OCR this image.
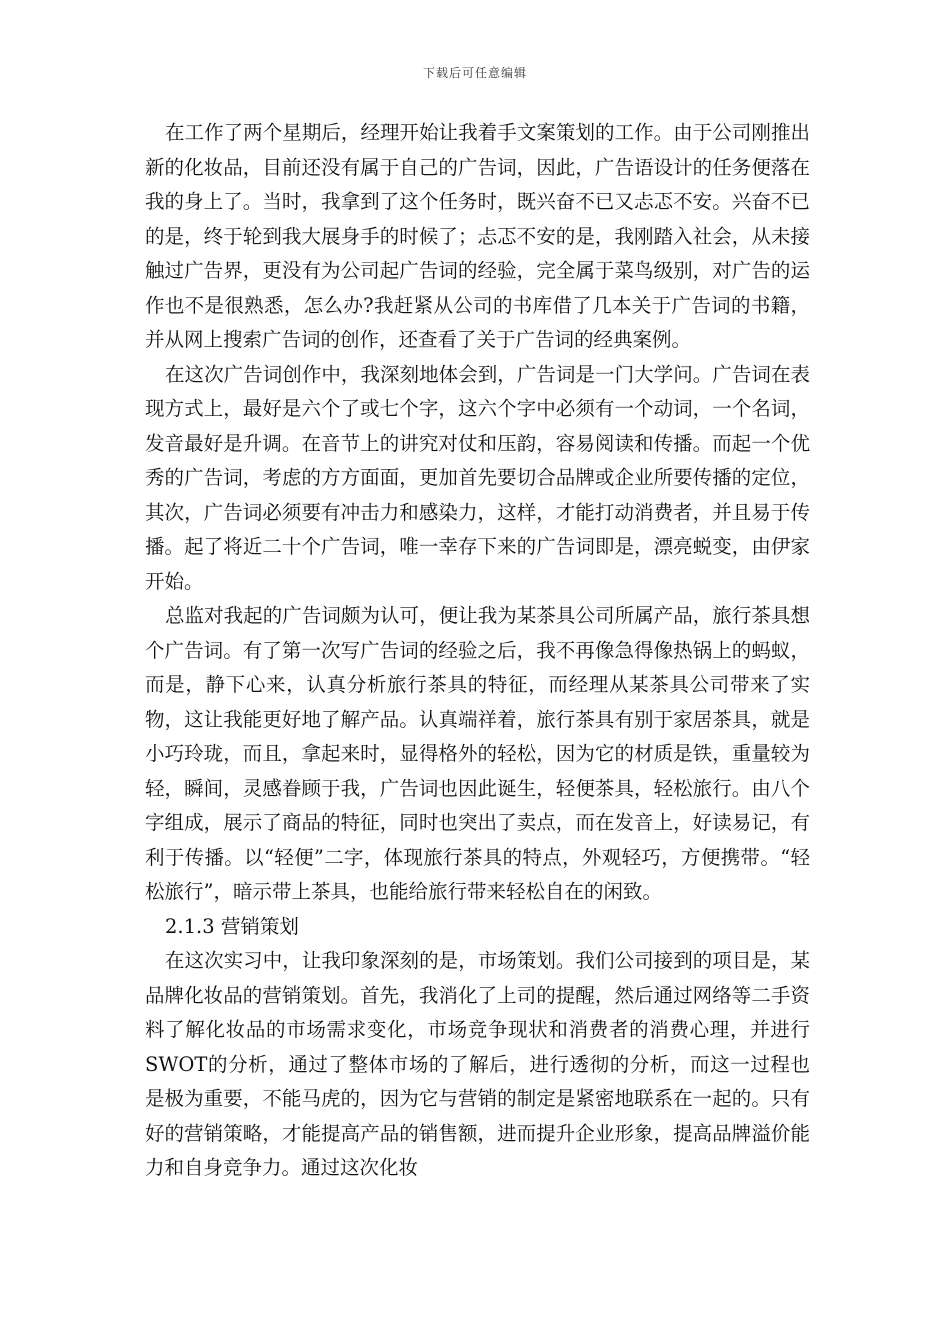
下载后可任意编辑

在工作了两个星期后，经理开始让我着手文案策划的工作。由于公司刚推出新的化妆品，目前还没有属于自己的广告词，因此，广告语设计的任务便落在我的身上了。当时，我拿到了这个任务时，既兴奋不已又忐忑不安。兴奋不已的是，终于轮到我大展身手的时候了；忐忑不安的是，我刚踏入社会，从未接触过广告界，更没有为公司起广告词的经验，完全属于菜鸟级别，对广告的运作也不是很熟悉，怎么办?我赶紧从公司的书库借了几本关于广告词的书籍，并从网上搜索广告词的创作，还查看了关于广告词的经典案例。

在这次广告词创作中，我深刻地体会到，广告词是一门大学问。广告词在表现方式上，最好是六个了或七个字，这六个字中必须有一个动词，一个名词，发音最好是升调。在音节上的讲究对仗和压韵，容易阅读和传播。而起一个优秀的广告词，考虑的方方面面，更加首先要切合品牌或企业所要传播的定位，其次，广告词必须要有冲击力和感染力，这样，才能打动消费者，并且易于传播。起了将近二十个广告词，唯一幸存下来的广告词即是，漂亮蜕变，由伊家开始。

总监对我起的广告词颇为认可，便让我为某茶具公司所属产品，旅行茶具想个广告词。有了第一次写广告词的经验之后，我不再像急得像热锅上的蚂蚁，而是，静下心来，认真分析旅行茶具的特征，而经理从某茶具公司带来了实物，这让我能更好地了解产品。认真端祥着，旅行茶具有别于家居茶具，就是小巧玲珑，而且，拿起来时，显得格外的轻松，因为它的材质是铁，重量较为轻，瞬间，灵感眷顾于我，广告词也因此诞生，轻便茶具，轻松旅行。由八个字组成，展示了商品的特征，同时也突出了卖点，而在发音上，好读易记，有利于传播。以“轻便”二字，体现旅行茶具的特点，外观轻巧，方便携带。“轻松旅行”，暗示带上茶具，也能给旅行带来轻松自在的闲致。

2.1.3 营销策划

在这次实习中，让我印象深刻的是，市场策划。我们公司接到的项目是，某品牌化妆品的营销策划。首先，我消化了上司的提醒，然后通过网络等二手资料了解化妆品的市场需求变化，市场竞争现状和消费者的消费心理，并进行SWOT的分析，通过了整体市场的了解后，进行透彻的分析，而这一过程也是极为重要，不能马虎的，因为它与营销的制定是紧密地联系在一起的。只有好的营销策略，才能提高产品的销售额，进而提升企业形象，提高品牌溢价能力和自身竞争力。通过这次化妆
